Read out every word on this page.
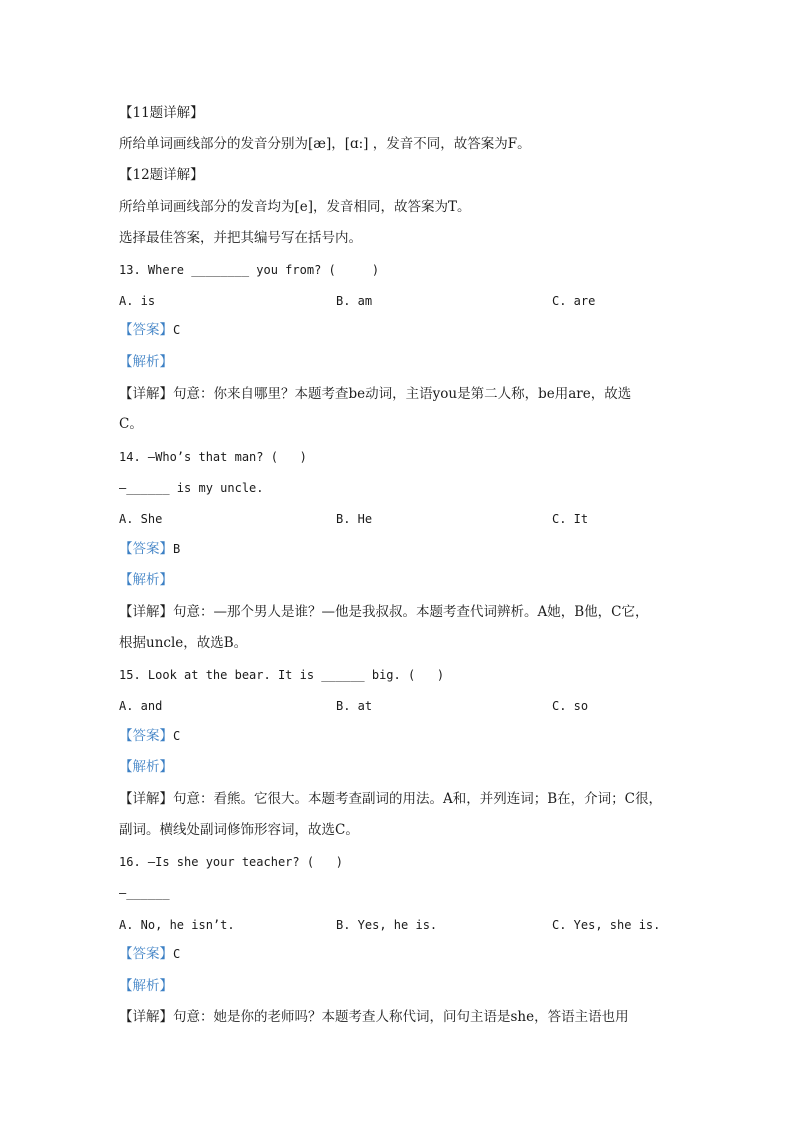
【11题详解】
所给单词画线部分的发音分别为[æ]，[ɑ:] ，发音不同，故答案为F。
【12题详解】
所给单词画线部分的发音均为[e]，发音相同，故答案为T。
选择最佳答案，并把其编号写在括号内。
13. Where ________ you from? (     )
A. is	B. am	C. are
【答案】C
【解析】
【详解】句意：你来自哪里？本题考查be动词，主语you是第二人称，be用are，故选
C。
14. —Who’s that man? (   )
—______ is my uncle.
A. She	B. He	C. It
【答案】B
【解析】
【详解】句意：—那个男人是谁？—他是我叔叔。本题考查代词辨析。A她，B他，C它，
根据uncle，故选B。
15. Look at the bear. It is ______ big. (   )
A. and	B. at	C. so
【答案】C
【解析】
【详解】句意：看熊。它很大。本题考查副词的用法。A和，并列连词；B在，介词；C很，
副词。横线处副词修饰形容词，故选C。
16. —Is she your teacher? (   )
—______
A. No, he isn’t.	B. Yes, he is.	C. Yes, she is.
【答案】C
【解析】
【详解】句意：她是你的老师吗？本题考查人称代词，问句主语是she，答语主语也用
